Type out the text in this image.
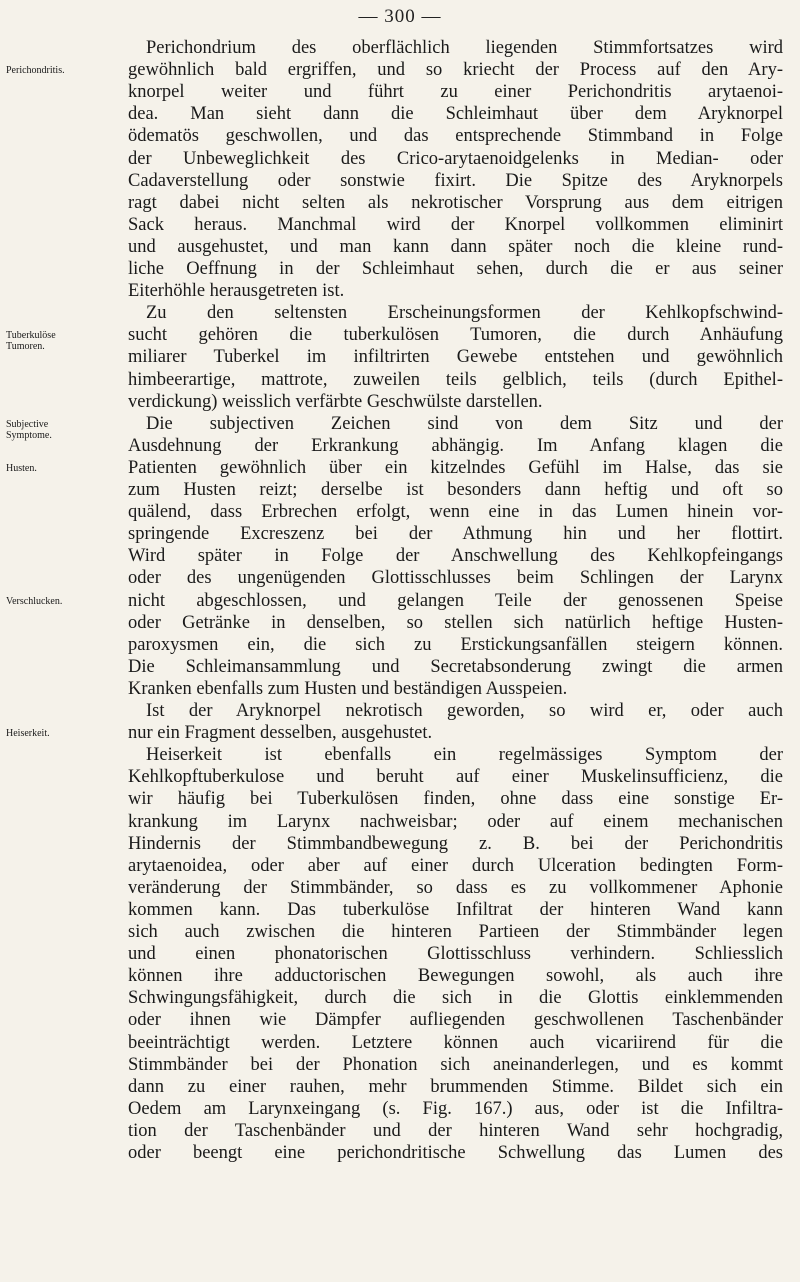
— 300 —
Perichondrium des oberflächlich liegenden Stimmfortsatzes wird
gewöhnlich bald ergriffen, und so kriecht der Process auf den Ary-
knorpel weiter und führt zu einer Perichondritis arytaenoi-
dea. Man sieht dann die Schleimhaut über dem Aryknorpel
ödematös geschwollen, und das entsprechende Stimmband in Folge
der Unbeweglichkeit des Crico-arytaenoidgelenks in Median- oder
Cadaverstellung oder sonstwie fixirt. Die Spitze des Aryknorpels
ragt dabei nicht selten als nekrotischer Vorsprung aus dem eitrigen
Sack heraus. Manchmal wird der Knorpel vollkommen eliminirt
und ausgehustet, und man kann dann später noch die kleine rund-
liche Oeffnung in der Schleimhaut sehen, durch die er aus seiner
Eiterhöhle herausgetreten ist.
Zu den seltensten Erscheinungsformen der Kehlkopfschwind-
sucht gehören die tuberkulösen Tumoren, die durch Anhäufung
miliarer Tuberkel im infiltrirten Gewebe entstehen und gewöhnlich
himbeerartige, mattrote, zuweilen teils gelblich, teils (durch Epithel-
verdickung) weisslich verfärbte Geschwülste darstellen.
Die subjectiven Zeichen sind von dem Sitz und der
Ausdehnung der Erkrankung abhängig. Im Anfang klagen die
Patienten gewöhnlich über ein kitzelndes Gefühl im Halse, das sie
zum Husten reizt; derselbe ist besonders dann heftig und oft so
quälend, dass Erbrechen erfolgt, wenn eine in das Lumen hinein vor-
springende Excreszenz bei der Athmung hin und her flottirt.
Wird später in Folge der Anschwellung des Kehlkopfeingangs
oder des ungenügenden Glottisschlusses beim Schlingen der Larynx
nicht abgeschlossen, und gelangen Teile der genossenen Speise
oder Getränke in denselben, so stellen sich natürlich heftige Husten-
paroxysmen ein, die sich zu Erstickungsanfällen steigern können.
Die Schleimansammlung und Secretabsonderung zwingt die armen
Kranken ebenfalls zum Husten und beständigen Ausspeien.
Ist der Aryknorpel nekrotisch geworden, so wird er, oder auch
nur ein Fragment desselben, ausgehustet.
Heiserkeit ist ebenfalls ein regelmässiges Symptom der
Kehlkopftuberkulose und beruht auf einer Muskelinsufficienz, die
wir häufig bei Tuberkulösen finden, ohne dass eine sonstige Er-
krankung im Larynx nachweisbar; oder auf einem mechanischen
Hindernis der Stimmbandbewegung z. B. bei der Perichondritis
arytaenoidea, oder aber auf einer durch Ulceration bedingten Form-
veränderung der Stimmbänder, so dass es zu vollkommener Aphonie
kommen kann. Das tuberkulöse Infiltrat der hinteren Wand kann
sich auch zwischen die hinteren Partieen der Stimmbänder legen
und einen phonatorischen Glottisschluss verhindern. Schliesslich
können ihre adductorischen Bewegungen sowohl, als auch ihre
Schwingungsfähigkeit, durch die sich in die Glottis einklemmenden
oder ihnen wie Dämpfer aufliegenden geschwollenen Taschenbänder
beeinträchtigt werden. Letztere können auch vicariirend für die
Stimmbänder bei der Phonation sich aneinanderlegen, und es kommt
dann zu einer rauhen, mehr brummenden Stimme. Bildet sich ein
Oedem am Larynxeingang (s. Fig. 167.) aus, oder ist die Infiltra-
tion der Taschenbänder und der hinteren Wand sehr hochgradig,
oder beengt eine perichondritische Schwellung das Lumen des
Perichondritis.
Tuberkulöse
Tumoren.
Subjective
Symptome.
Husten.
Verschlucken.
Heiserkeit.
